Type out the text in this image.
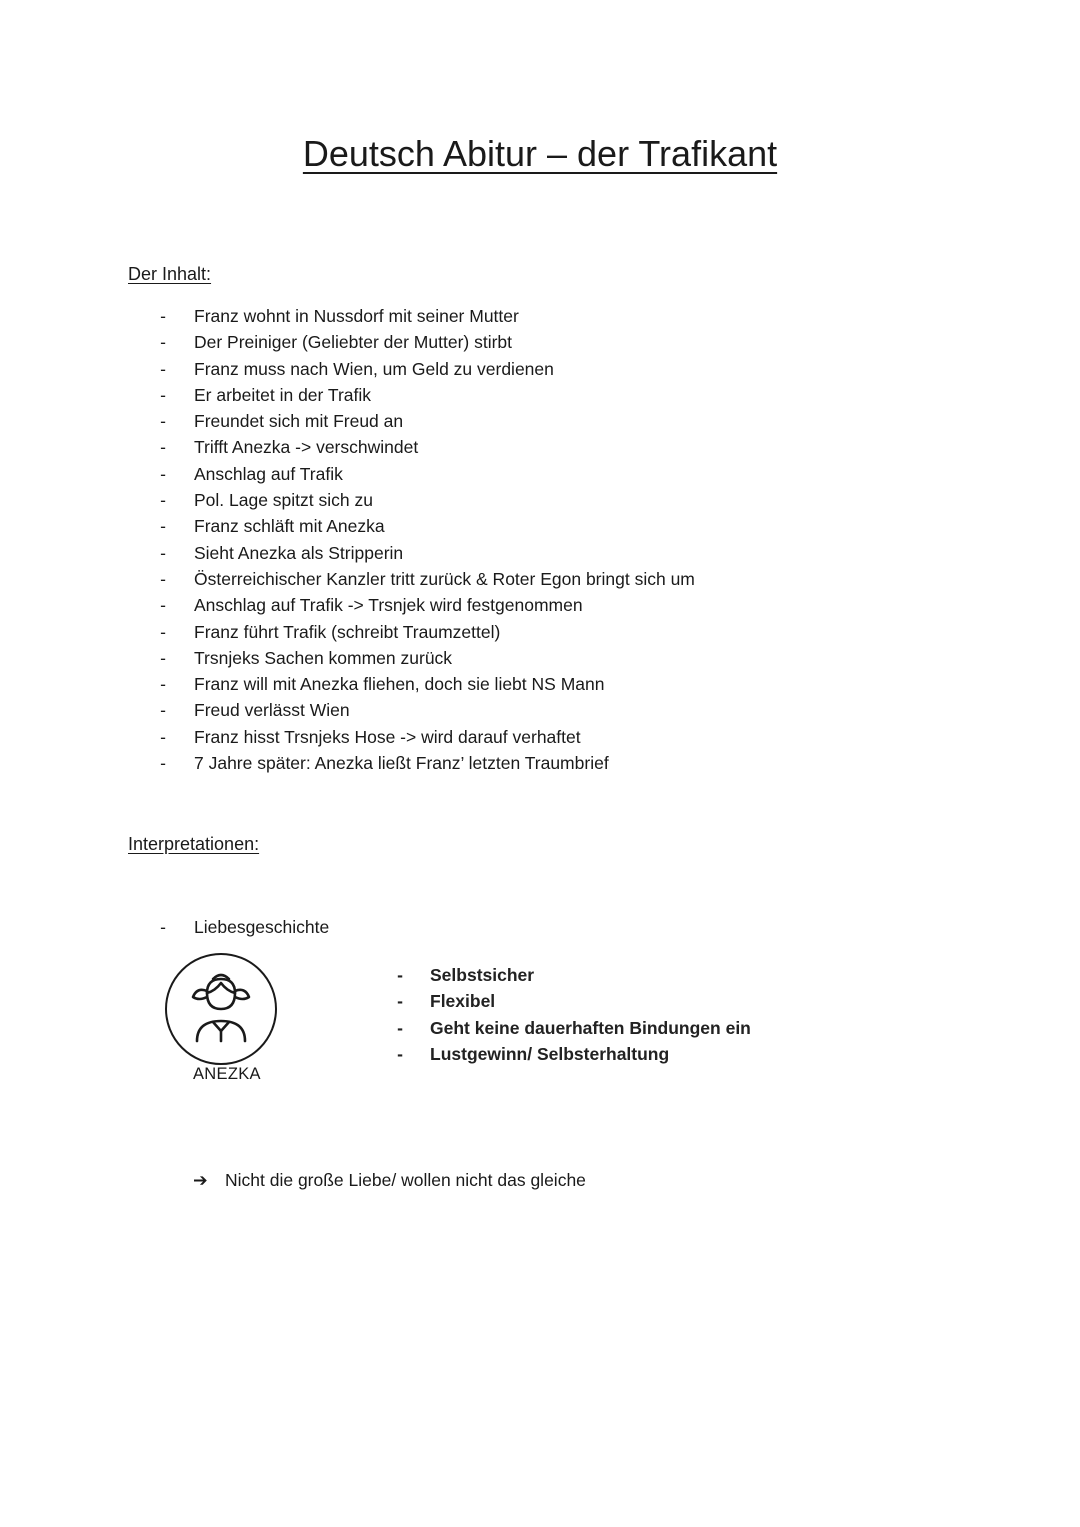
Deutsch Abitur – der Trafikant
Der Inhalt:
- Franz wohnt in Nussdorf mit seiner Mutter
- Der Preiniger (Geliebter der Mutter) stirbt
- Franz muss nach Wien, um Geld zu verdienen
- Er arbeitet in der Trafik
- Freundet sich mit Freud an
- Trifft Anezka -> verschwindet
- Anschlag auf Trafik
- Pol. Lage spitzt sich zu
- Franz schläft mit Anezka
- Sieht Anezka als Stripperin
- Österreichischer Kanzler tritt zurück & Roter Egon bringt sich um
- Anschlag auf Trafik -> Trsnjek wird festgenommen
- Franz führt Trafik (schreibt Traumzettel)
- Trsnjeks Sachen kommen zurück
- Franz will mit Anezka fliehen, doch sie liebt NS Mann
- Freud verlässt Wien
- Franz hisst Trsnjeks Hose -> wird darauf verhaftet
- 7 Jahre später: Anezka ließt Franz’ letzten Traumbrief
Interpretationen:
- Liebesgeschichte
ANEZKA
- Selbstsicher
- Flexibel
- Geht keine dauerhaften Bindungen ein
- Lustgewinn/ Selbsterhaltung
➔ Nicht die große Liebe/ wollen nicht das gleiche
